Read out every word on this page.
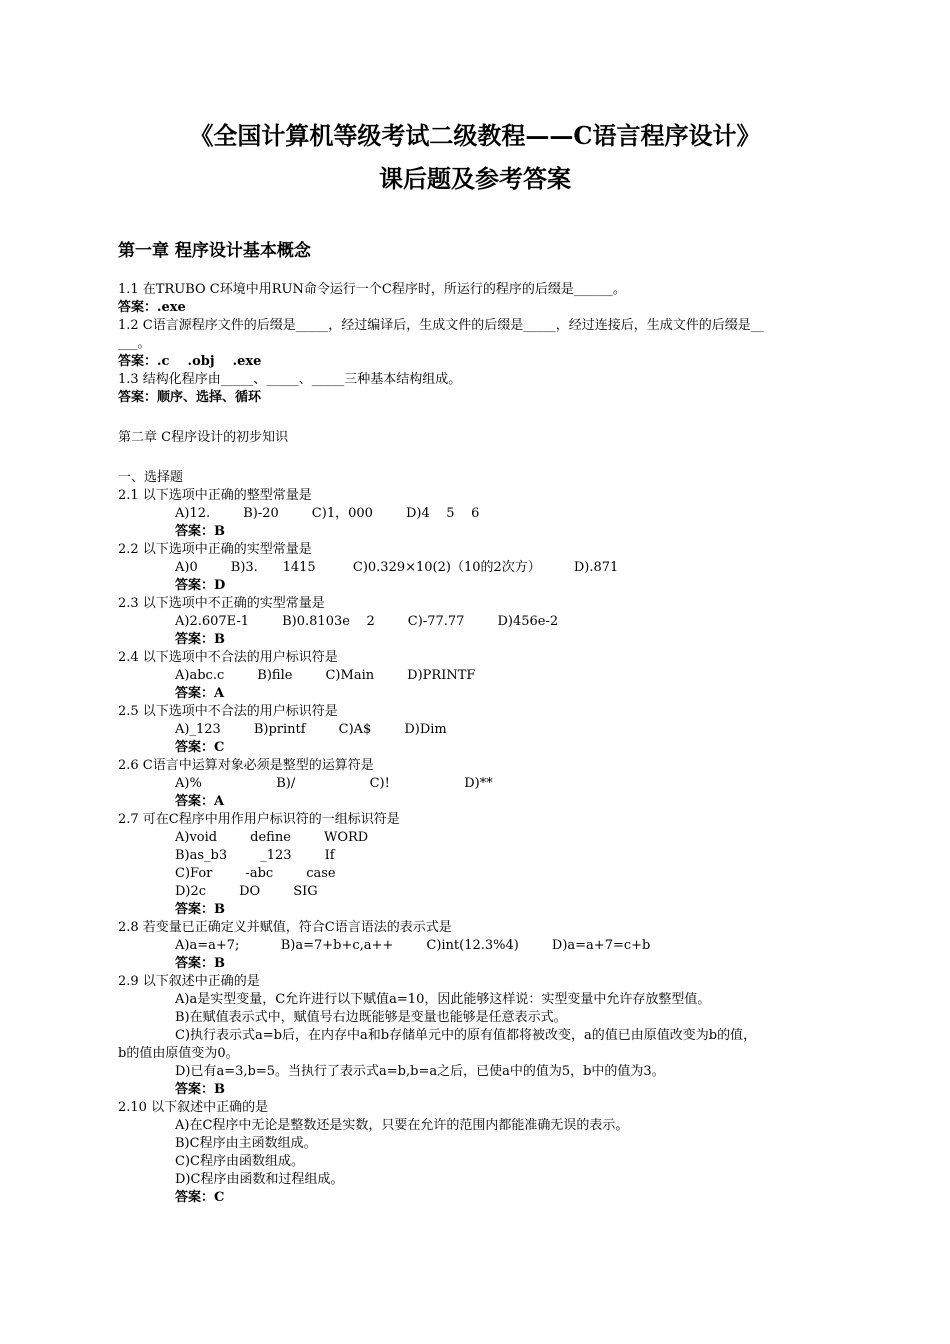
《全国计算机等级考试二级教程——C语言程序设计》
课后题及参考答案
第一章 程序设计基本概念
1.1 在TRUBO C环境中用RUN命令运行一个C程序时，所运行的程序的后缀是______。
答案：.exe
1.2 C语言源程序文件的后缀是_____，经过编译后，生成文件的后缀是_____，经过连接后，生成文件的后缀是__
___。
答案：.c    .obj    .exe
1.3 结构化程序由_____、_____、_____三种基本结构组成。
答案：顺序、选择、循环
第二章 C程序设计的初步知识
一、选择题
2.1 以下选项中正确的整型常量是
A)12.        B)-20        C)1，000        D)4    5    6
答案：B
2.2 以下选项中正确的实型常量是
A)0        B)3.      1415         C)0.329×10(2)（10的2次方）        D).871
答案：D
2.3 以下选项中不正确的实型常量是
A)2.607E-1        B)0.8103e    2        C)-77.77        D)456e-2
答案：B
2.4 以下选项中不合法的用户标识符是
A)abc.c        B)file        C)Main        D)PRINTF
答案：A
2.5 以下选项中不合法的用户标识符是
A)_123        B)printf        C)A$        D)Dim
答案：C
2.6 C语言中运算对象必须是整型的运算符是
A)%                  B)/                  C)!                  D)**
答案：A
2.7 可在C程序中用作用户标识符的一组标识符是
A)void        define        WORD
B)as_b3        _123        If
C)For        -abc        case
D)2c        DO        SIG
答案：B
2.8 若变量已正确定义并赋值，符合C语言语法的表示式是
A)a=a+7;          B)a=7+b+c,a++        C)int(12.3%4)        D)a=a+7=c+b
答案：B
2.9 以下叙述中正确的是
A)a是实型变量，C允许进行以下赋值a=10，因此能够这样说：实型变量中允许存放整型值。
B)在赋值表示式中，赋值号右边既能够是变量也能够是任意表示式。
C)执行表示式a=b后，在内存中a和b存储单元中的原有值都将被改变，a的值已由原值改变为b的值，
b的值由原值变为0。
D)已有a=3,b=5。当执行了表示式a=b,b=a之后，已使a中的值为5，b中的值为3。
答案：B
2.10 以下叙述中正确的是
A)在C程序中无论是整数还是实数，只要在允许的范围内都能准确无误的表示。
B)C程序由主函数组成。
C)C程序由函数组成。
D)C程序由函数和过程组成。
答案：C
